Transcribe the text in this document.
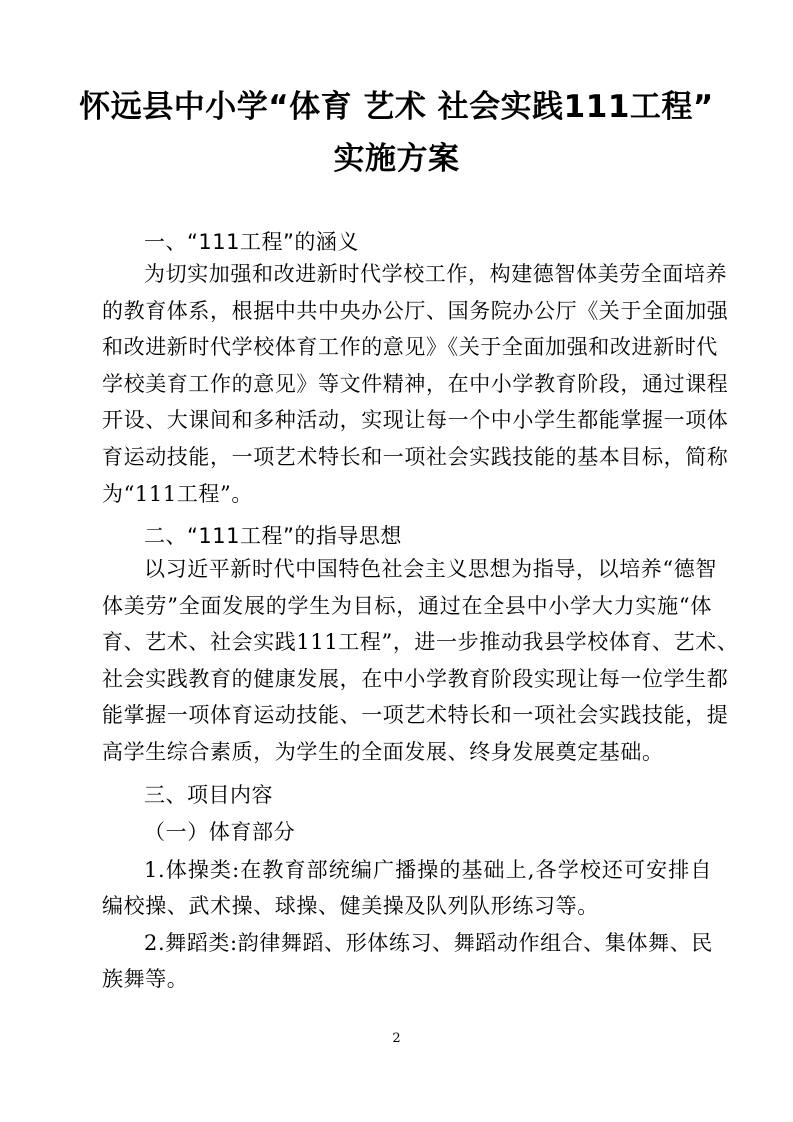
怀远县中小学“体育 艺术 社会实践111工程”
实施方案
一、“111工程”的涵义
为切实加强和改进新时代学校工作，构建德智体美劳全面培养
的教育体系，根据中共中央办公厅、国务院办公厅《关于全面加强
和改进新时代学校体育工作的意见》《关于全面加强和改进新时代
学校美育工作的意见》等文件精神，在中小学教育阶段，通过课程
开设、大课间和多种活动，实现让每一个中小学生都能掌握一项体
育运动技能，一项艺术特长和一项社会实践技能的基本目标，简称
为“111工程”。
二、“111工程”的指导思想
以习近平新时代中国特色社会主义思想为指导，以培养“德智
体美劳”全面发展的学生为目标，通过在全县中小学大力实施“体
育、艺术、社会实践111工程”，进一步推动我县学校体育、艺术、
社会实践教育的健康发展，在中小学教育阶段实现让每一位学生都
能掌握一项体育运动技能、一项艺术特长和一项社会实践技能，提
高学生综合素质，为学生的全面发展、终身发展奠定基础。
三、项目内容
（一）体育部分
1.体操类:在教育部统编广播操的基础上,各学校还可安排自
编校操、武术操、球操、健美操及队列队形练习等。
2.舞蹈类:韵律舞蹈、形体练习、舞蹈动作组合、集体舞、民
族舞等。
2
